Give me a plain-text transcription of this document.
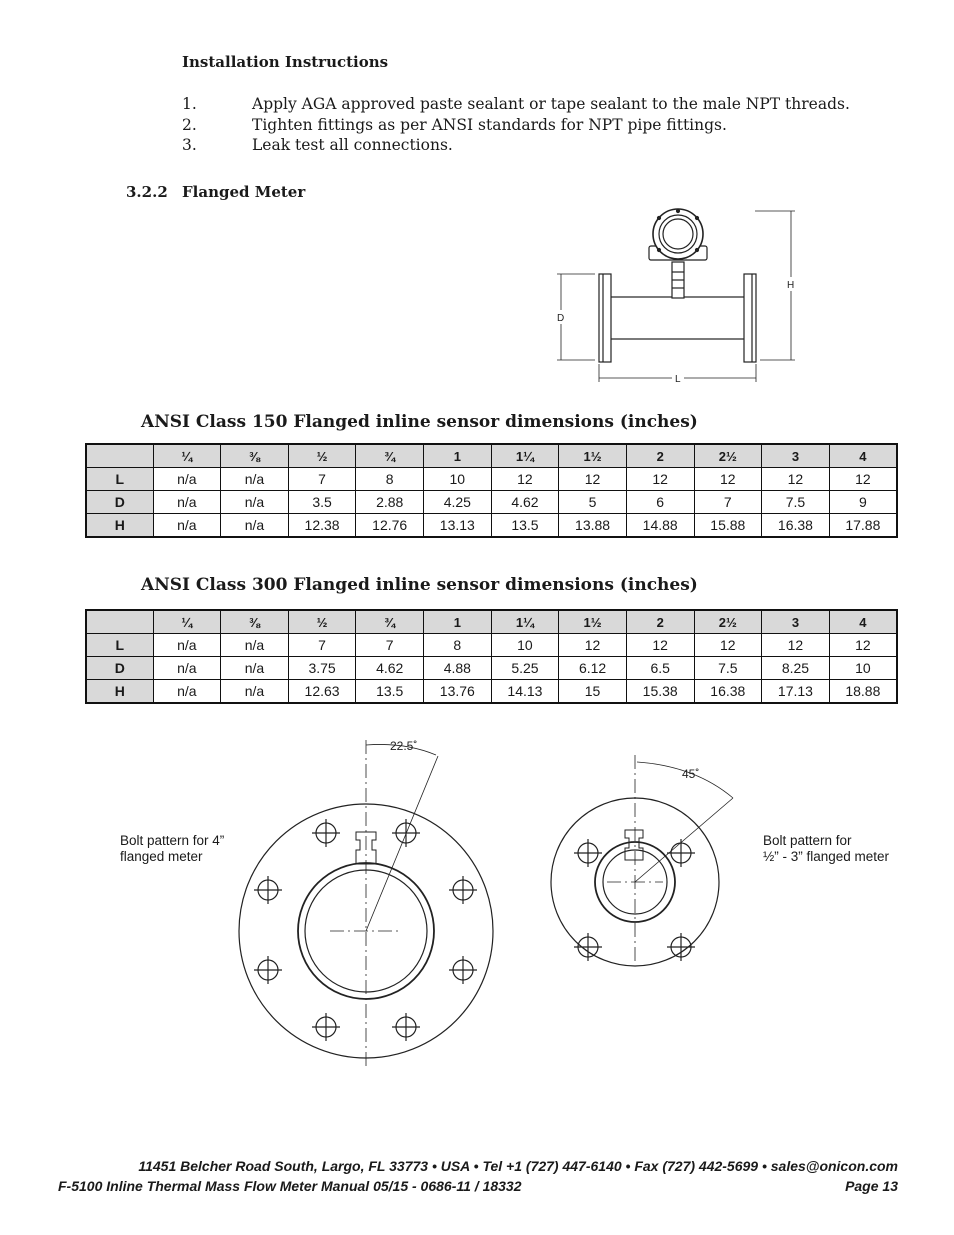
Installation Instructions
1.	Apply AGA approved paste sealant or tape sealant to the male NPT threads.
2.	Tighten fittings as per ANSI standards for NPT pipe fittings.
3.	Leak test all connections.
3.2.2 Flanged Meter
D
H
L
ANSI Class 150 Flanged inline sensor dimensions (inches)
	¼	⅜	½	¾	1	1¼	1½	2	2½	3	4
L	n/a	n/a	7	8	10	12	12	12	12	12	12
D	n/a	n/a	3.5	2.88	4.25	4.62	5	6	7	7.5	9
H	n/a	n/a	12.38	12.76	13.13	13.5	13.88	14.88	15.88	16.38	17.88
ANSI Class 300 Flanged inline sensor dimensions (inches)
	¼	⅜	½	¾	1	1¼	1½	2	2½	3	4
L	n/a	n/a	7	7	8	10	12	12	12	12	12
D	n/a	n/a	3.75	4.62	4.88	5.25	6.12	6.5	7.5	8.25	10
H	n/a	n/a	12.63	13.5	13.76	14.13	15	15.38	16.38	17.13	18.88
Bolt pattern for 4”
flanged meter
Bolt pattern for
½” - 3” flanged meter
22.5˚
45˚
11451 Belcher Road South, Largo, FL 33773 • USA • Tel +1 (727) 447-6140 • Fax (727) 442-5699 • sales@onicon.com
F-5100 Inline Thermal Mass Flow Meter Manual 05/15 - 0686-11 / 18332	Page 13
